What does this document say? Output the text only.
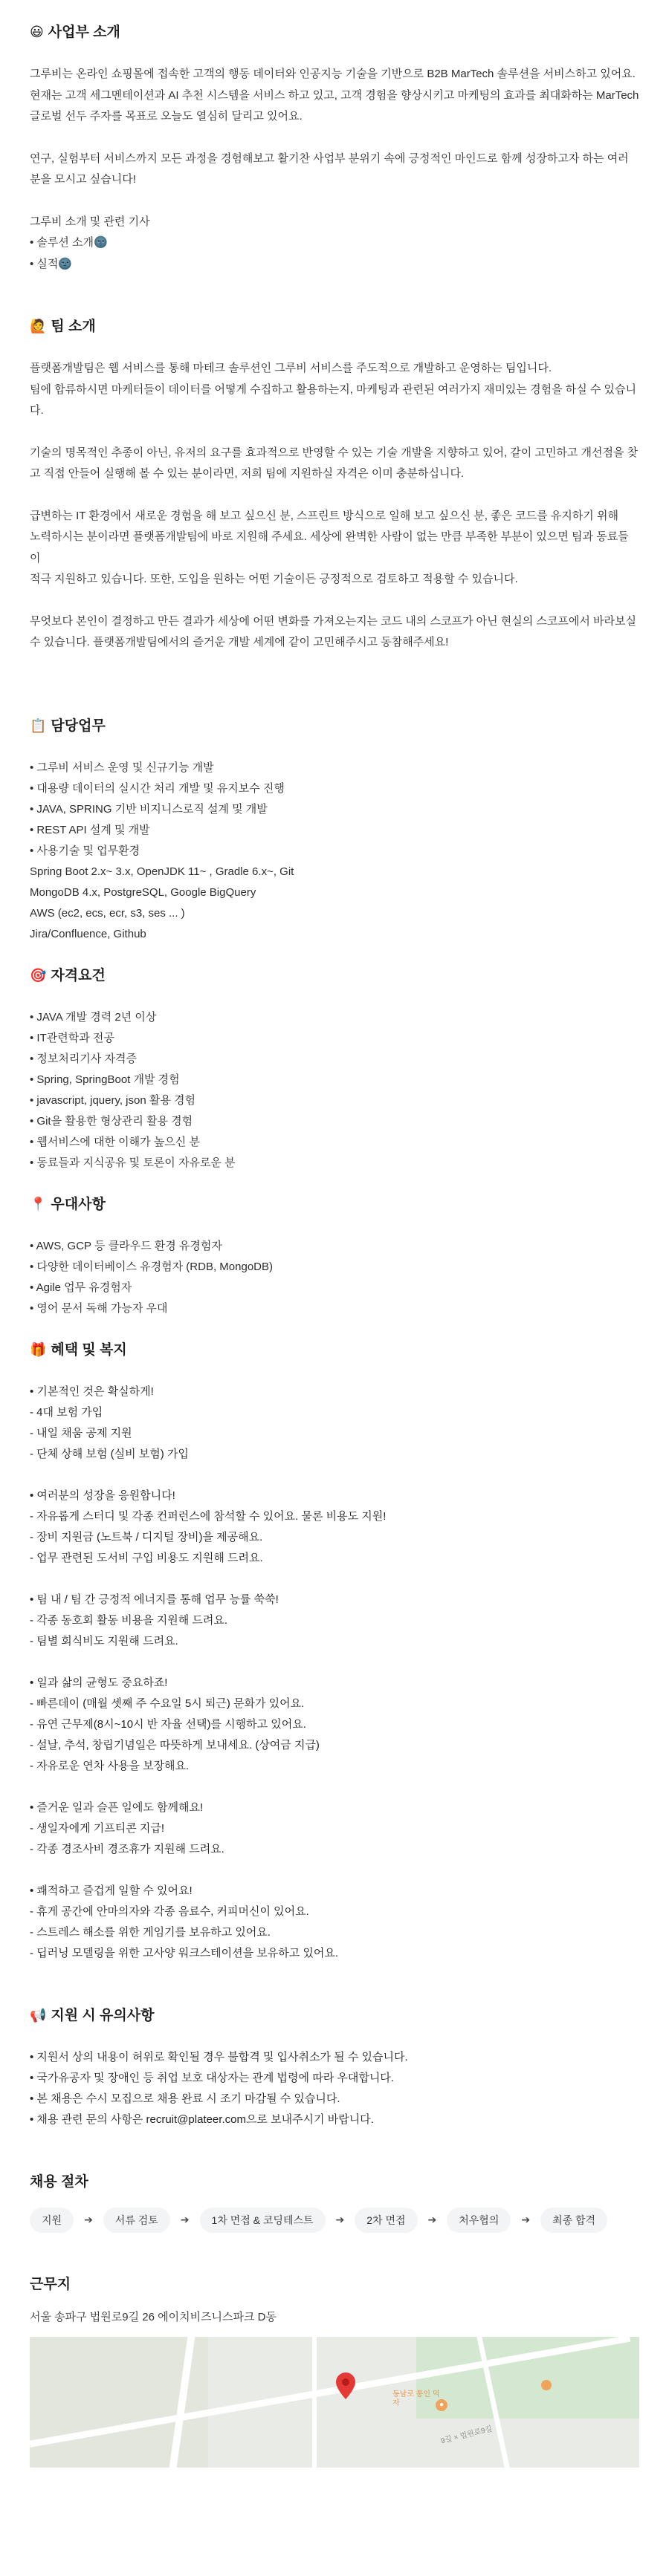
😃 사업부 소개
그루비는 온라인 쇼핑몰에 접속한 고객의 행동 데이터와 인공지능 기술을 기반으로 B2B MarTech 솔루션을 서비스하고 있어요.
현재는 고객 세그멘테이션과 AI 추천 시스템을 서비스 하고 있고, 고객 경험을 향상시키고 마케팅의 효과를 최대화하는 MarTech 글로벌 선두 주자를 목표로 오늘도 열심히 달리고 있어요.
연구, 실험부터 서비스까지 모든 과정을 경험해보고 활기찬 사업부 분위기 속에 긍정적인 마인드로 함께 성장하고자 하는 여러분을 모시고 싶습니다!
그루비 소개 및 관련 기사
• 솔루션 소개🌚
• 실적🌚
🙋 팀 소개
플랫폼개발팀은 웹 서비스를 통해 마테크 솔루션인 그루비 서비스를 주도적으로 개발하고 운영하는 팀입니다.
팀에 합류하시면 마케터들이 데이터를 어떻게 수집하고 활용하는지, 마케팅과 관련된 여러가지 재미있는 경험을 하실 수 있습니다.
기술의 명목적인 추종이 아닌, 유저의 요구를 효과적으로 반영할 수 있는 기술 개발을 지향하고 있어, 같이 고민하고 개선점을 찾고 직접 안들어 실행해 볼 수 있는 분이라면, 저희 팀에 지원하실 자격은 이미 충분하십니다.
급변하는 IT 환경에서 새로운 경험을 해 보고 싶으신 분, 스프린트 방식으로 일해 보고 싶으신 분, 좋은 코드를 유지하기 위해
노력하시는 분이라면 플랫폼개발팀에 바로 지원해 주세요. 세상에 완벽한 사람이 없는 만큼 부족한 부분이 있으면 팀과 동료들이
적극 지원하고 있습니다. 또한, 도입을 원하는 어떤 기술이든 긍정적으로 검토하고 적용할 수 있습니다.
무엇보다 본인이 결정하고 만든 결과가 세상에 어떤 변화를 가져오는지는 코드 내의 스코프가 아닌 현실의 스코프에서 바라보실 수 있습니다. 플랫폼개발팀에서의 즐거운 개발 세계에 같이 고민해주시고 동참해주세요!
📋 담당업무
• 그루비 서비스 운영 및 신규기능 개발
• 대용량 데이터의 실시간 처리 개발 및 유지보수 진행
• JAVA, SPRING 기반 비지니스로직 설계 및 개발
• REST API 설계 및 개발
• 사용기술 및 업무환경
Spring Boot 2.x~ 3.x, OpenJDK 11~ , Gradle 6.x~, Git
MongoDB 4.x, PostgreSQL, Google BigQuery
AWS (ec2, ecs, ecr, s3, ses ... )
Jira/Confluence, Github
🎯 자격요건
• JAVA 개발 경력 2년 이상
• IT관련학과 전공
• 정보처리기사 자격증
• Spring, SpringBoot 개발 경험
• javascript, jquery, json 활용 경험
• Git을 활용한 형상관리 활용 경험
• 웹서비스에 대한 이해가 높으신 분
• 동료들과 지식공유 및 토론이 자유로운 분
📍 우대사항
• AWS, GCP 등 클라우드 환경 유경험자
• 다양한 데이터베이스 유경험자 (RDB, MongoDB)
• Agile 업무 유경험자
• 영어 문서 독해 가능자 우대
🎁 혜택 및 복지
• 기본적인 것은 확실하게!
- 4대 보험 가입
- 내일 채움 공제 지원
- 단체 상해 보험 (실비 보험) 가입
• 여러분의 성장을 응원합니다!
- 자유롭게 스터디 및 각종 컨퍼런스에 참석할 수 있어요. 물론 비용도 지원!
- 장비 지원금 (노트북 / 디지털 장비)을 제공해요.
- 업무 관련된 도서비 구입 비용도 지원해 드려요.
• 팀 내 / 팀 간 긍정적 에너지를 통해 업무 능률 쑥쑥!
- 각종 동호회 활동 비용을 지원해 드려요.
- 팀별 회식비도 지원해 드려요.
• 일과 삶의 균형도 중요하죠!
- 빠른데이 (매월 셋째 주 수요일 5시 퇴근) 문화가 있어요.
- 유연 근무제(8시~10시 반 자율 선택)를 시행하고 있어요.
- 설날, 추석, 창립기념일은 따뜻하게 보내세요. (상여금 지급)
- 자유로운 연차 사용을 보장해요.
• 즐거운 일과 슬픈 일에도 함께해요!
- 생일자에게 기프티콘 지급!
- 각종 경조사비 경조휴가 지원해 드려요.
• 쾌적하고 즐겁게 일할 수 있어요!
- 휴게 공간에 안마의자와 각종 음료수, 커피머신이 있어요.
- 스트레스 해소를 위한 게임기를 보유하고 있어요.
- 딥러닝 모델링을 위한 고사양 워크스테이션을 보유하고 있어요.
📢 지원 시 유의사항
• 지원서 상의 내용이 허위로 확인될 경우 불합격 및 입사취소가 될 수 있습니다.
• 국가유공자 및 장애인 등 취업 보호 대상자는 관계 법령에 따라 우대합니다.
• 본 채용은 수시 모집으로 채용 완료 시 조기 마감될 수 있습니다.
• 채용 관련 문의 사항은 recruit@plateer.com으로 보내주시기 바랍니다.
채용 절차
지원	➔	서류 검토	➔	1차 면접 & 코딩테스트	➔	2차 면접	➔	처우협의	➔	최종 합격
근무지
서울 송파구 법원로9길 26 에이치비즈니스파크 D동
동남로 통인 먹자	●
9길 × 법원로9길
